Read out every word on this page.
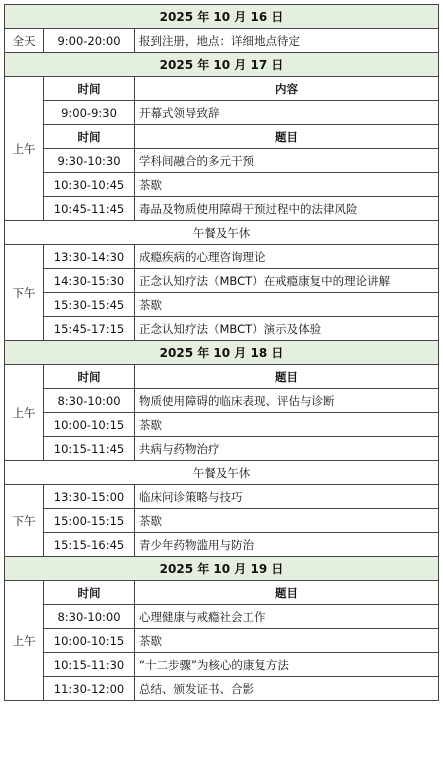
2025 年 10 月 16 日		
全天	9:00-20:00	报到注册，地点：详细地点待定
2025 年 10 月 17 日		
上午	时间	内容
	9:00-9:30	开幕式领导致辞
	时间	题目
	9:30-10:30	学科间融合的多元干预
	10:30-10:45	茶歇
	10:45-11:45	毒品及物质使用障碍干预过程中的法律风险
午餐及午休		
下午	13:30-14:30	成瘾疾病的心理咨询理论
	14:30-15:30	正念认知疗法（MBCT）在戒瘾康复中的理论讲解
	15:30-15:45	茶歇
	15:45-17:15	正念认知疗法（MBCT）演示及体验
2025 年 10 月 18 日		
上午	时间	题目
	8:30-10:00	物质使用障碍的临床表现、评估与诊断
	10:00-10:15	茶歇
	10:15-11:45	共病与药物治疗
午餐及午休		
下午	13:30-15:00	临床问诊策略与技巧
	15:00-15:15	茶歇
	15:15-16:45	青少年药物滥用与防治
2025 年 10 月 19 日		
上午	时间	题目
	8:30-10:00	心理健康与戒瘾社会工作
	10:00-10:15	茶歇
	10:15-11:30	“十二步骤”为核心的康复方法
	11:30-12:00	总结、颁发证书、合影
